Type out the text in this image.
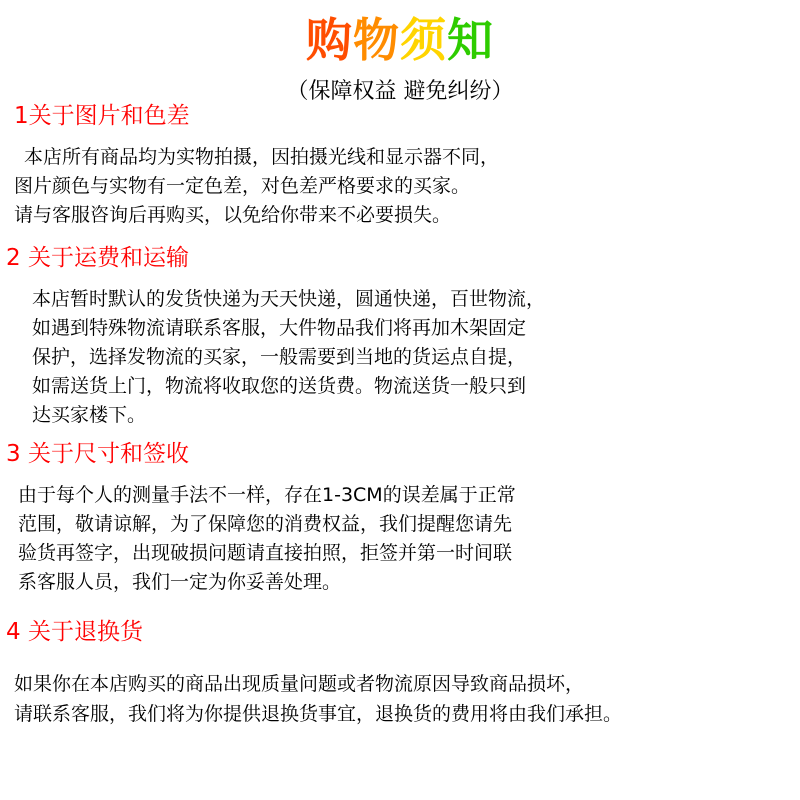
购物须知
（保障权益 避免纠纷）
1关于图片和色差
本店所有商品均为实物拍摄，因拍摄光线和显示器不同，
图片颜色与实物有一定色差，对色差严格要求的买家。
请与客服咨询后再购买，以免给你带来不必要损失。
2 关于运费和运输
本店暂时默认的发货快递为天天快递，圆通快递，百世物流，
如遇到特殊物流请联系客服，大件物品我们将再加木架固定
保护，选择发物流的买家，一般需要到当地的货运点自提，
如需送货上门，物流将收取您的送货费。物流送货一般只到
达买家楼下。
3 关于尺寸和签收
由于每个人的测量手法不一样，存在1-3CM的误差属于正常
范围，敬请谅解，为了保障您的消费权益，我们提醒您请先
验货再签字，出现破损问题请直接拍照，拒签并第一时间联
系客服人员，我们一定为你妥善处理。
4 关于退换货
如果你在本店购买的商品出现质量问题或者物流原因导致商品损坏，
请联系客服，我们将为你提供退换货事宜，退换货的费用将由我们承担。
